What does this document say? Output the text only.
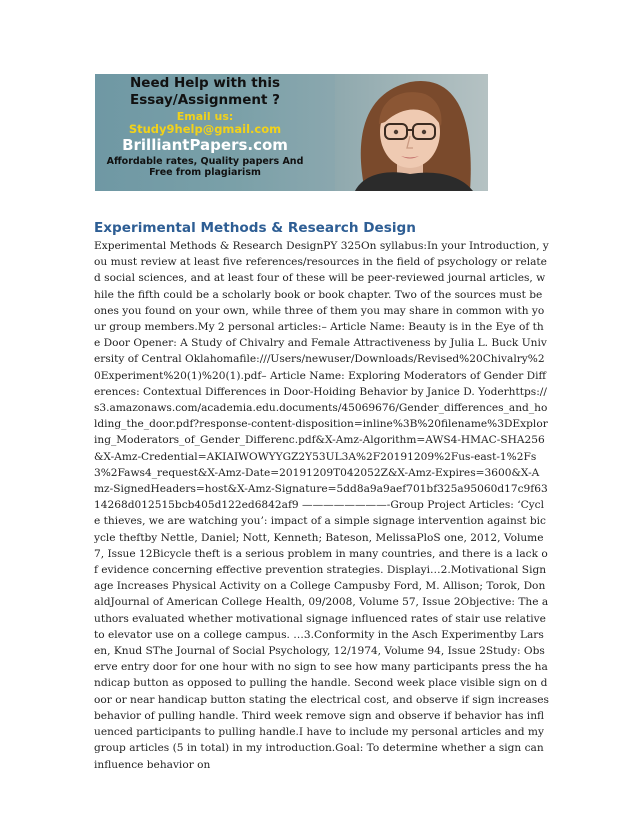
Need Help with this
Essay/Assignment ?
Email us:
Study9help@gmail.com
BrilliantPapers.com
Affordable rates, Quality papers And Free from plagiarism
Experimental Methods & Research Design

Experimental Methods & Research DesignPY 325On syllabus:In your Introduction, you must review at least five references/resources in the field of psychology or related social sciences, and at least four of these will be peer-reviewed journal articles, while the fifth could be a scholarly book or book chapter. Two of the sources must be ones you found on your own, while three of them you may share in common with your group members.My 2 personal articles:– Article Name: Beauty is in the Eye of the Door Opener: A Study of Chivalry and Female Attractiveness by Julia L. Buck University of Central Oklahomafile:///Users/newuser/Downloads/Revised%20Chivalry%20Experiment%20(1)%20(1).pdf– Article Name: Exploring Moderators of Gender Differences: Contextual Differences in Door-Hoiding Behavior by Janice D. Yoderhttps://s3.amazonaws.com/academia.edu.documents/45069676/Gender_differences_and_holding_the_door.pdf?response-content-disposition=inline%3B%20filename%3DExploring_Moderators_of_Gender_Differenc.pdf&X-Amz-Algorithm=AWS4-HMAC-SHA256&X-Amz-Credential=AKIAIWOWYYGZ2Y53UL3A%2F20191209%2Fus-east-1%2Fs3%2Faws4_request&X-Amz-Date=20191209T042052Z&X-Amz-Expires=3600&X-Amz-SignedHeaders=host&X-Amz-Signature=5dd8a9a9aef701bf325a95060d17c9f6314268d012515bcb405d122ed6842af9 ————————-Group Project Articles: ‘Cycle thieves, we are watching you’: impact of a simple signage intervention against bicycle theftby Nettle, Daniel; Nott, Kenneth; Bateson, MelissaPloS one, 2012, Volume 7, Issue 12Bicycle theft is a serious problem in many countries, and there is a lack of evidence concerning effective prevention strategies. Displayi…2.Motivational Signage Increases Physical Activity on a College Campusby Ford, M. Allison; Torok, DonaldJournal of American College Health, 09/2008, Volume 57, Issue 2Objective: The authors evaluated whether motivational signage influenced rates of stair use relative to elevator use on a college campus. …3.Conformity in the Asch Experimentby Larsen, Knud SThe Journal of Social Psychology, 12/1974, Volume 94, Issue 2Study: Observe entry door for one hour with no sign to see how many participants press the handicap button as opposed to pulling the handle. Second week place visible sign on door or near handicap button stating the electrical cost, and observe if sign increases behavior of pulling handle. Third week remove sign and observe if behavior has influenced participants to pulling handle.I have to include my personal articles and my group articles (5 in total) in my introduction.Goal: To determine whether a sign can influence behavior on
